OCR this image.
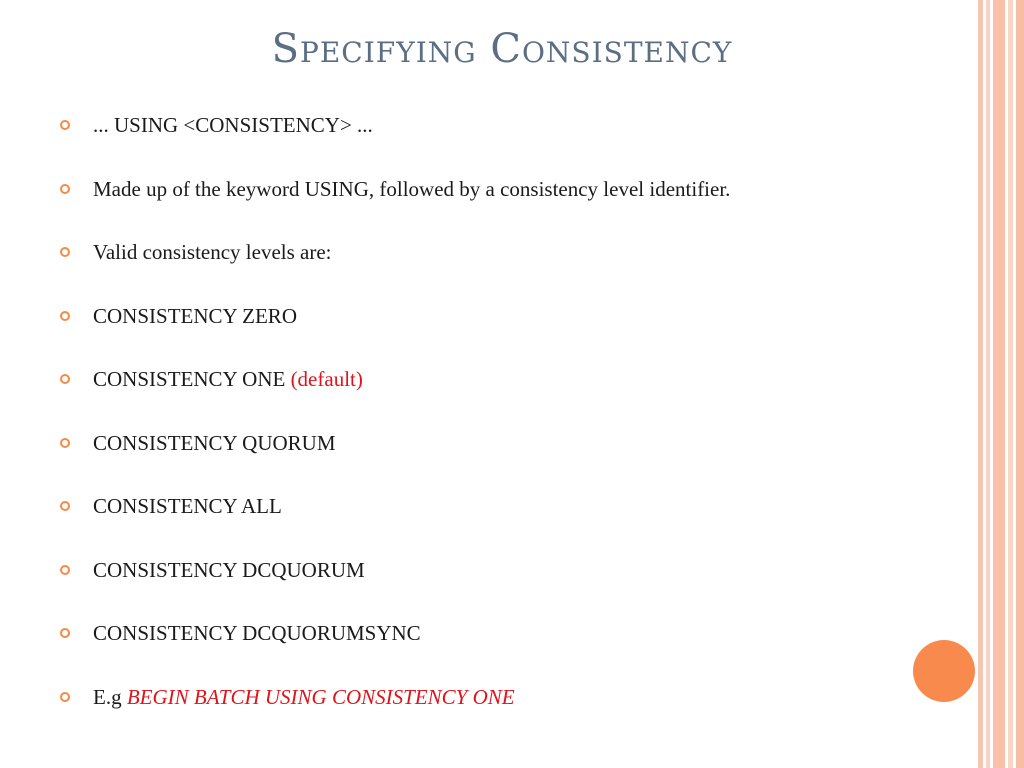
Specifying Consistency
... USING <CONSISTENCY> ...
Made up of the keyword USING, followed by a consistency level identifier.
Valid consistency levels are:
CONSISTENCY ZERO
CONSISTENCY ONE (default)
CONSISTENCY QUORUM
CONSISTENCY ALL
CONSISTENCY DCQUORUM
CONSISTENCY DCQUORUMSYNC
E.g BEGIN BATCH USING CONSISTENCY ONE
